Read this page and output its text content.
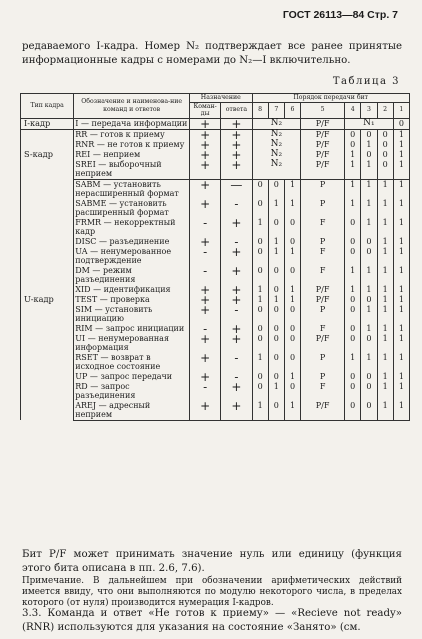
ГОСТ 26113—84 Стр. 7
редаваемого I-кадра. Номер N₂ подтверждает все ранее принятые информационные кадры с номерами до N₂—I включительно.
Таблица 3
Тип кадра	Обозначение и наименова-ние команд и ответов	Назначение		Порядок передачи бит							
		Коман-ды	ответа	8	7	6	5	4	3	2	1
I-кадр	I — передача информации	+	+	N₂			P/F	N₁			0
S-кадр	RR — готов к приему	+	+	N₂			P/F	0	0	0	1
	RNR — не готов к приему	+	+	N₂			P/F	0	1	0	1
	REI — неприем	+	+	N₂			P/F	1	0	0	1
	SREI — выборочный неприем	+	+	N₂			P/F	1	1	0	1
U-кадр	SABM — установить нерасширенный формат	+	—	0	0	1	P	1	1	1	1
	SABME — установить расширенный формат	+	-	0	1	1	P	1	1	1	1
	FRMR — некорректный кадр	-	+	1	0	0	F	0	1	1	1
	DISC — разъединение	+	-	0	1	0	P	0	0	1	1
	UA — ненумерованное подтверждение	-	+	0	1	1	F	0	0	1	1
	DM — режим разъединения	-	+	0	0	0	F	1	1	1	1
	XID — идентификация	+	+	1	0	1	P/F	1	1	1	1
	TEST — проверка	+	+	1	1	1	P/F	0	0	1	1
	SIM — установить инициацию	+	-	0	0	0	P	0	1	1	1
	RIM — запрос инициации	-	+	0	0	0	F	0	1	1	1
	UI — ненумерованная информация	+	+	0	0	0	P/F	0	0	1	1
	RSET — возврат в исходное состояние	+	-	1	0	0	P	1	1	1	1
	UP — запрос передачи	+	-	0	0	1	P	0	0	1	1
	RD — запрос разъединения	-	+	0	1	0	F	0	0	1	1
	AREJ — адресный неприем	+	+	1	0	1	P/F	0	0	1	1
Бит P/F может принимать значение нуль или единицу (функция этого бита описана в пп. 2.6, 7.6).
Примечание. В дальнейшем при обозначении арифметических действий имеется ввиду, что они выполняются по модулю некоторого числа, в пределах которого (от нуля) производится нумерация I-кадров.
3.3. Команда и ответ «Не готов к приему» — «Recieve not ready» (RNR) используются для указания на состояние «Занято» (см.
